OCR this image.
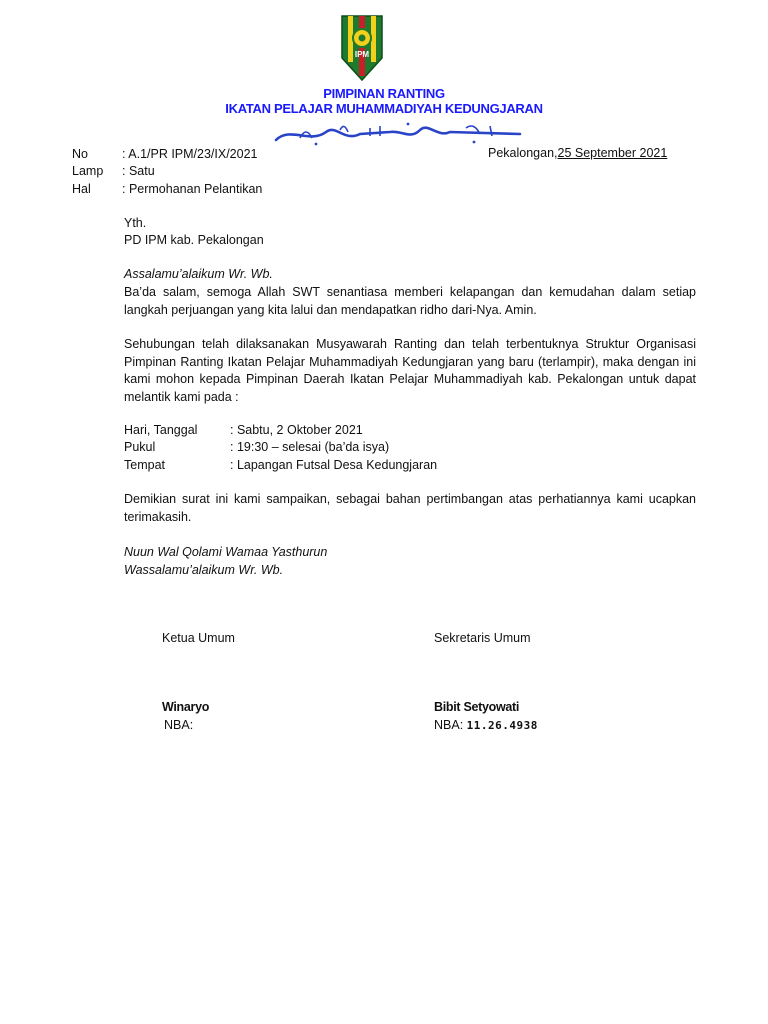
IPM
PIMPINAN RANTING
IKATAN PELAJAR MUHAMMADIYAH KEDUNGJARAN
No	: A.1/PR IPM/23/IX/2021
Lamp : Satu
Hal : Permohanan Pelantikan
Pekalongan,25 September 2021
Yth.
PD IPM kab. Pekalongan
Assalamu’alaikum Wr. Wb.
Ba’da salam, semoga Allah SWT senantiasa memberi kelapangan dan kemudahan dalam setiap langkah perjuangan yang kita lalui dan mendapatkan ridho dari-Nya. Amin.
Sehubungan telah dilaksanakan Musyawarah Ranting dan telah terbentuknya Struktur Organisasi Pimpinan Ranting Ikatan Pelajar Muhammadiyah Kedungjaran yang baru (terlampir), maka dengan ini kami mohon kepada Pimpinan Daerah Ikatan Pelajar Muhammadiyah kab. Pekalongan untuk dapat melantik kami pada :
Hari, Tanggal	: Sabtu, 2 Oktober 2021
Pukul	: 19:30 – selesai (ba’da isya)
Tempat	: Lapangan Futsal Desa Kedungjaran
Demikian surat ini kami sampaikan, sebagai bahan pertimbangan atas perhatiannya kami ucapkan terimakasih.
Nuun Wal Qolami Wamaa Yasthurun
Wassalamu’alaikum Wr. Wb.
Ketua Umum	Sekretaris Umum
Winaryo	Bibit Setyowati
NBA:	NBA: 11.26.4938
